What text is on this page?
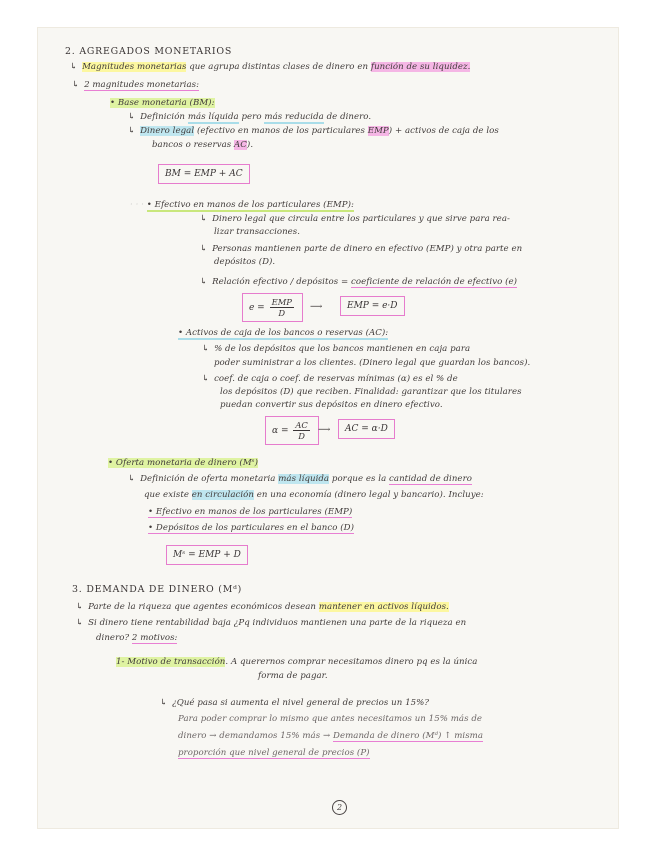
2. AGREGADOS MONETARIOS
↳ Magnitudes monetarias que agrupa distintas clases de dinero en función de su liquidez.
↳ 2 magnitudes monetarias:
• Base monetaria (BM):
↳ Definición más líquida pero más reducida de dinero.
↳ Dinero legal (efectivo en manos de los particulares EMP) + activos de caja de los
bancos o reservas AC).
BM = EMP + AC
· · · • Efectivo en manos de los particulares (EMP):
↳ Dinero legal que circula entre los particulares y que sirve para rea-
lizar transacciones.
↳ Personas mantienen parte de dinero en efectivo (EMP) y otra parte en
depósitos (D).
↳ Relación efectivo / depósitos = coeficiente de relación de efectivo (e)
$e = \frac{\text{EMP}}{D}$ ⟶	EMP = e·D
• Activos de caja de los bancos o reservas (AC):
↳ % de los depósitos que los bancos mantienen en caja para
poder suministrar a los clientes. (Dinero legal que guardan los bancos).
↳ coef. de caja o coef. de reservas mínimas (α) es el % de
los depósitos (D) que reciben. Finalidad: garantizar que los titulares
puedan convertir sus depósitos en dinero efectivo.
$\alpha = \frac{AC}{D}$ ⟶	AC = α·D
• Oferta monetaria de dinero (Mˢ)
↳ Definición de oferta monetaria más líquida porque es la cantidad de dinero
que existe en circulación en una economía (dinero legal y bancario). Incluye:
• Efectivo en manos de los particulares (EMP)
• Depósitos de los particulares en el banco (D)
Mˢ = EMP + D
3. DEMANDA DE DINERO (Mᵈ)
↳ Parte de la riqueza que agentes económicos desean mantener en activos líquidos.
↳ Si dinero tiene rentabilidad baja ¿Pq individuos mantienen una parte de la riqueza en
dinero? 2 motivos:
1- Motivo de transacción. A querernos comprar necesitamos dinero pq es la única
forma de pagar.
↳ ¿Qué pasa si aumenta el nivel general de precios un 15%?
Para poder comprar lo mismo que antes necesitamos un 15% más de
dinero → demandamos 15% más → Demanda de dinero (Mᵈ) ↑ misma
proporción que nivel general de precios (P)
2
